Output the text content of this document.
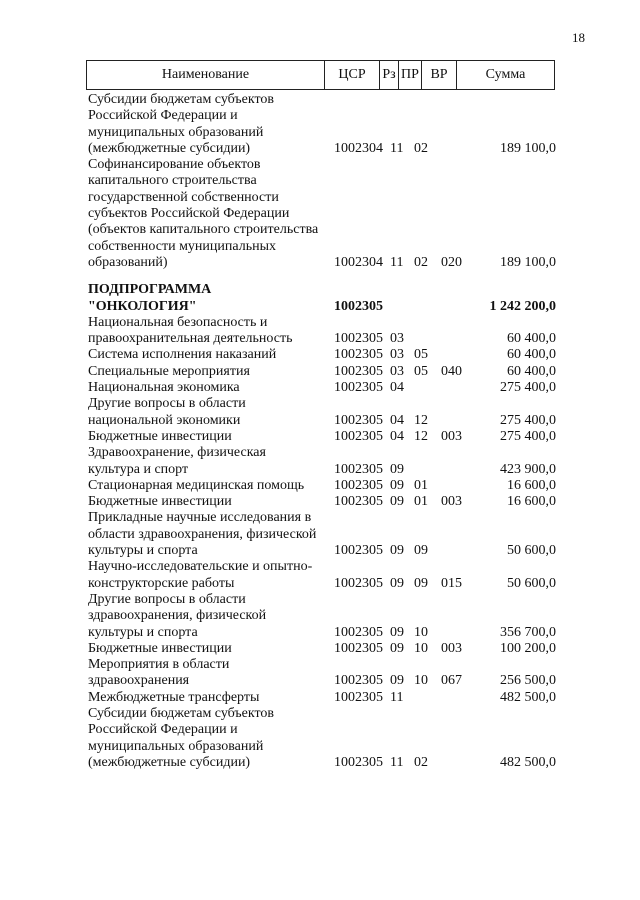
18
Наименование	ЦСР	Рз ПР ВР	Сумма
Субсидии бюджетам субъектов
Российской Федерации и
муниципальных образований
(межбюджетные субсидии)	1002304 11 02	189 100,0
Софинансирование объектов
капитального строительства
государственной собственности
субъектов Российской Федерации
(объектов капитального строительства
собственности муниципальных
образований)	1002304 11 02 020	189 100,0
ПОДПРОГРАММА
"ОНКОЛОГИЯ"	1002305	1 242 200,0
Национальная безопасность и
правоохранительная деятельность	1002305 03	60 400,0
Система исполнения наказаний	1002305 03 05	60 400,0
Специальные мероприятия	1002305 03 05 040	60 400,0
Национальная экономика	1002305 04	275 400,0
Другие вопросы в области
национальной экономики	1002305 04 12	275 400,0
Бюджетные инвестиции	1002305 04 12 003	275 400,0
Здравоохранение, физическая
культура и спорт	1002305 09	423 900,0
Стационарная медицинская помощь	1002305 09 01	16 600,0
Бюджетные инвестиции	1002305 09 01 003	16 600,0
Прикладные научные исследования в
области здравоохранения, физической
культуры и спорта	1002305 09 09	50 600,0
Научно-исследовательские и опытно-
конструкторские работы	1002305 09 09 015	50 600,0
Другие вопросы в области
здравоохранения, физической
культуры и спорта	1002305 09 10	356 700,0
Бюджетные инвестиции	1002305 09 10 003	100 200,0
Мероприятия в области
здравоохранения	1002305 09 10 067	256 500,0
Межбюджетные трансферты	1002305 11	482 500,0
Субсидии бюджетам субъектов
Российской Федерации и
муниципальных образований
(межбюджетные субсидии)	1002305 11 02	482 500,0
